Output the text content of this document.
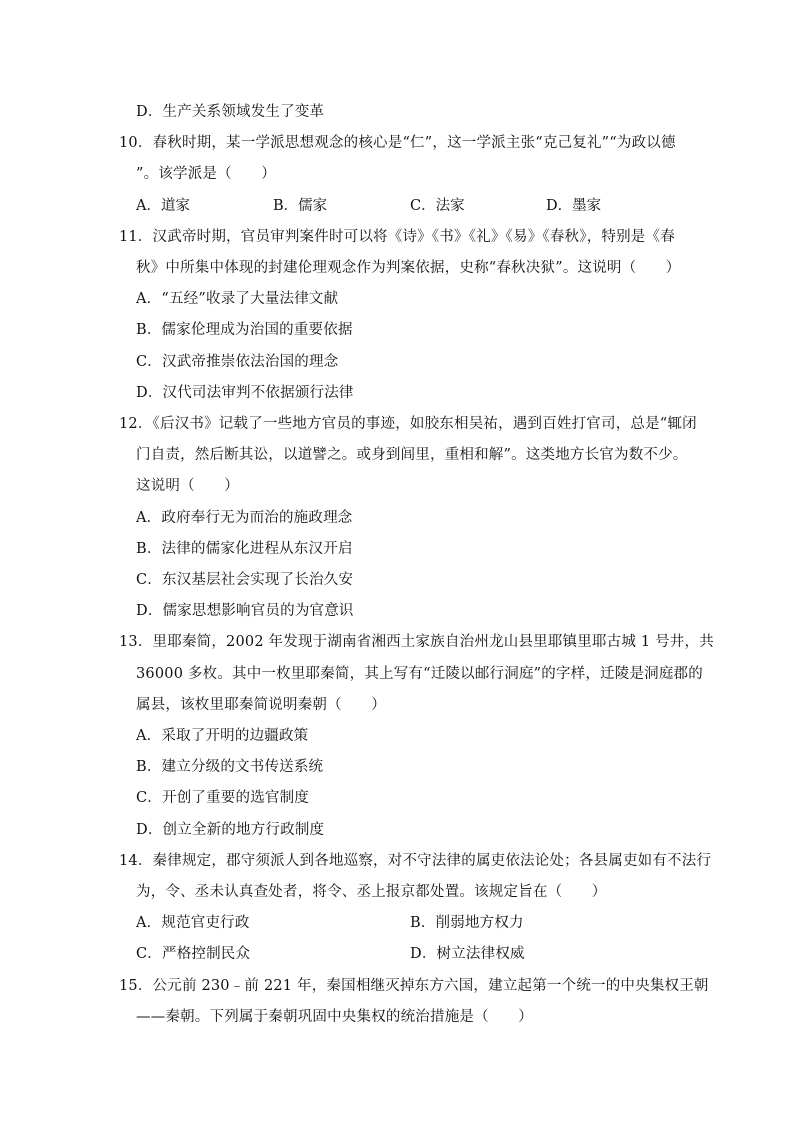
D．生产关系领域发生了变革
10．春秋时期，某一学派思想观念的核心是“仁”，这一学派主张“克己复礼”“为政以德
”。该学派是（　　）
A．道家	B．儒家	C．法家	D．墨家
11．汉武帝时期，官员审判案件时可以将《诗》《书》《礼》《易》《春秋》，特别是《春
秋》中所集中体现的封建伦理观念作为判案依据，史称“春秋决狱”。这说明（　　）
A．“五经”收录了大量法律文献
B．儒家伦理成为治国的重要依据
C．汉武帝推崇依法治国的理念
D．汉代司法审判不依据颁行法律
12．《后汉书》记载了一些地方官员的事迹，如胶东相吴祐，遇到百姓打官司，总是“辄闭
门自责，然后断其讼，以道譬之。或身到闾里，重相和解”。这类地方长官为数不少。
这说明（　　）
A．政府奉行无为而治的施政理念
B．法律的儒家化进程从东汉开启
C．东汉基层社会实现了长治久安
D．儒家思想影响官员的为官意识
13．里耶秦简，2002 年发现于湖南省湘西土家族自治州龙山县里耶镇里耶古城 1 号井，共
36000 多枚。其中一枚里耶秦简，其上写有“迁陵以邮行洞庭”的字样，迁陵是洞庭郡的
属县，该枚里耶秦简说明秦朝（　　）
A．采取了开明的边疆政策
B．建立分级的文书传送系统
C．开创了重要的选官制度
D．创立全新的地方行政制度
14．秦律规定，郡守须派人到各地巡察，对不守法律的属吏依法论处；各县属吏如有不法行
为，令、丞未认真查处者，将令、丞上报京都处置。该规定旨在（　　）
A．规范官吏行政	B．削弱地方权力
C．严格控制民众	D．树立法律权威
15．公元前 230﹣前 221 年，秦国相继灭掉东方六国，建立起第一个统一的中央集权王朝
——秦朝。下列属于秦朝巩固中央集权的统治措施是（　　）
